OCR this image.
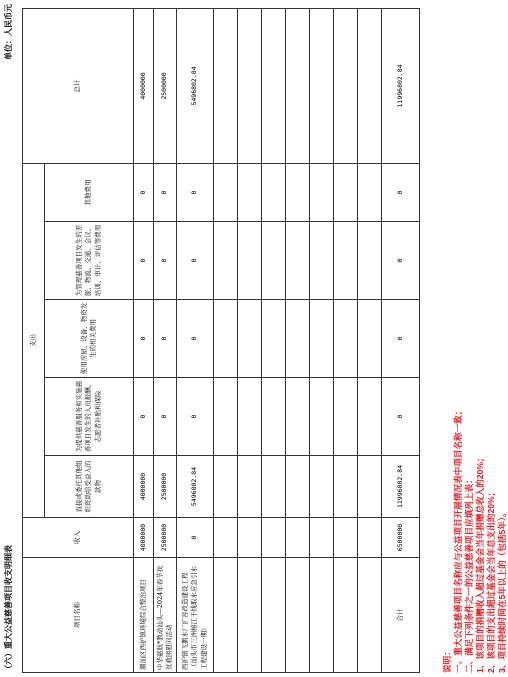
（六）重大公益慈善项目收支明细表
单位：人民币元
项目名称	收入	支出					总计
		直接或委托其他组织资助给受益人的款物	为提供慈善服务和实施慈善项目发生的人员报酬、志愿者补贴和保险	使用房屋、设备、物资发生的相关费用	为管理慈善项目发生的差旅、物流、交通、会议、培训、审计、评估等费用	其他费用	
潮汕区西护镇环境综合整治项目	4000000	4000000	0	0	0	0	4000000
中华慈航*教动汕头—2024年春节扶贫救困慰问活动	2500000	2500000	0	0	0	0	2500000
西护镇飞鹅水厂扩容改造建设工程（汕头市三洲榕江干线取水应急引水工程建设一期）	0	5496802.84	0	0	0	0	5496802.84

合计	6500000	11996802.84	0	0	0	0	11996802.84
说明： 一、重大公益慈善项目名称应与公益项目开展情况表中项目名称一致； 二、满足下列条件之一的公益慈善项目应填列上表： 1、该项目的捐赠收入超过基金会当年捐赠总收入的20%； 2、该项目的支出超过基金会当年总支出的20%； 3、项目持续时间在5年以上的（包括5年）。
